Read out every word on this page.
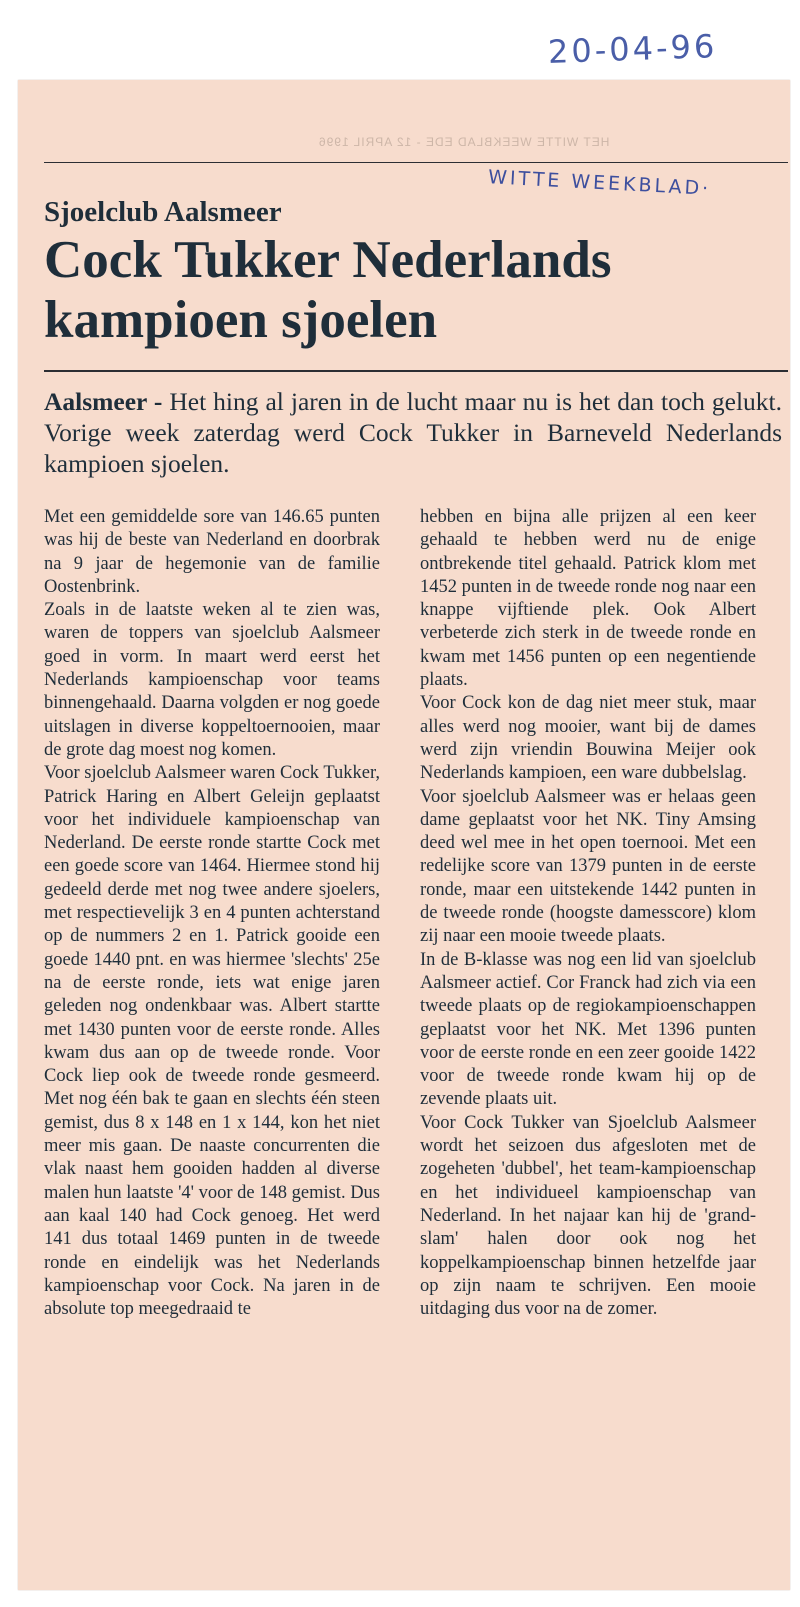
20-04-96
HET WITTE WEEKBLAD EDE - 12 APRIL 1996
WITTE WEEKBLAD·
Sjoelclub Aalsmeer
Cock Tukker Nederlands kampioen sjoelen

Aalsmeer - Het hing al jaren in de lucht maar nu is het dan toch gelukt. Vorige week zaterdag werd Cock Tukker in Barneveld Nederlands kampioen sjoelen.

Met een gemiddelde sore van 146.65 punten was hij de beste van Nederland en doorbrak na 9 jaar de hegemonie van de familie Oostenbrink.

Zoals in de laatste weken al te zien was, waren de toppers van sjoelclub Aalsmeer goed in vorm. In maart werd eerst het Nederlands kampioenschap voor teams binnengehaald. Daarna volgden er nog goede uitslagen in diverse koppeltoernooien, maar de grote dag moest nog komen.

Voor sjoelclub Aalsmeer waren Cock Tukker, Patrick Haring en Albert Geleijn geplaatst voor het individuele kampioenschap van Nederland. De eerste ronde startte Cock met een goede score van 1464. Hiermee stond hij gedeeld derde met nog twee andere sjoelers, met respectievelijk 3 en 4 punten achterstand op de nummers 2 en 1. Patrick gooide een goede 1440 pnt. en was hiermee 'slechts' 25e na de eerste ronde, iets wat enige jaren geleden nog ondenkbaar was. Albert startte met 1430 punten voor de eerste ronde. Alles kwam dus aan op de tweede ronde. Voor Cock liep ook de tweede ronde gesmeerd. Met nog één bak te gaan en slechts één steen gemist, dus 8 x 148 en 1 x 144, kon het niet meer mis gaan. De naaste concurrenten die vlak naast hem gooiden hadden al diverse malen hun laatste '4' voor de 148 gemist. Dus aan kaal 140 had Cock genoeg. Het werd 141 dus totaal 1469 punten in de tweede ronde en eindelijk was het Nederlands kampioenschap voor Cock. Na jaren in de absolute top meegedraaid te

hebben en bijna alle prijzen al een keer gehaald te hebben werd nu de enige ontbrekende titel gehaald. Patrick klom met 1452 punten in de tweede ronde nog naar een knappe vijftiende plek. Ook Albert verbeterde zich sterk in de tweede ronde en kwam met 1456 punten op een negentiende plaats.

Voor Cock kon de dag niet meer stuk, maar alles werd nog mooier, want bij de dames werd zijn vriendin Bouwina Meijer ook Nederlands kampioen, een ware dubbelslag.

Voor sjoelclub Aalsmeer was er helaas geen dame geplaatst voor het NK. Tiny Amsing deed wel mee in het open toernooi. Met een redelijke score van 1379 punten in de eerste ronde, maar een uitstekende 1442 punten in de tweede ronde (hoogste damesscore) klom zij naar een mooie tweede plaats.

In de B-klasse was nog een lid van sjoelclub Aalsmeer actief. Cor Franck had zich via een tweede plaats op de regiokampioenschappen geplaatst voor het NK. Met 1396 punten voor de eerste ronde en een zeer gooide 1422 voor de tweede ronde kwam hij op de zevende plaats uit.

Voor Cock Tukker van Sjoelclub Aalsmeer wordt het seizoen dus afgesloten met de zogeheten 'dubbel', het team-kampioenschap en het individueel kampioenschap van Nederland. In het najaar kan hij de 'grand-slam' halen door ook nog het koppelkampioenschap binnen hetzelfde jaar op zijn naam te schrijven. Een mooie uitdaging dus voor na de zomer.
